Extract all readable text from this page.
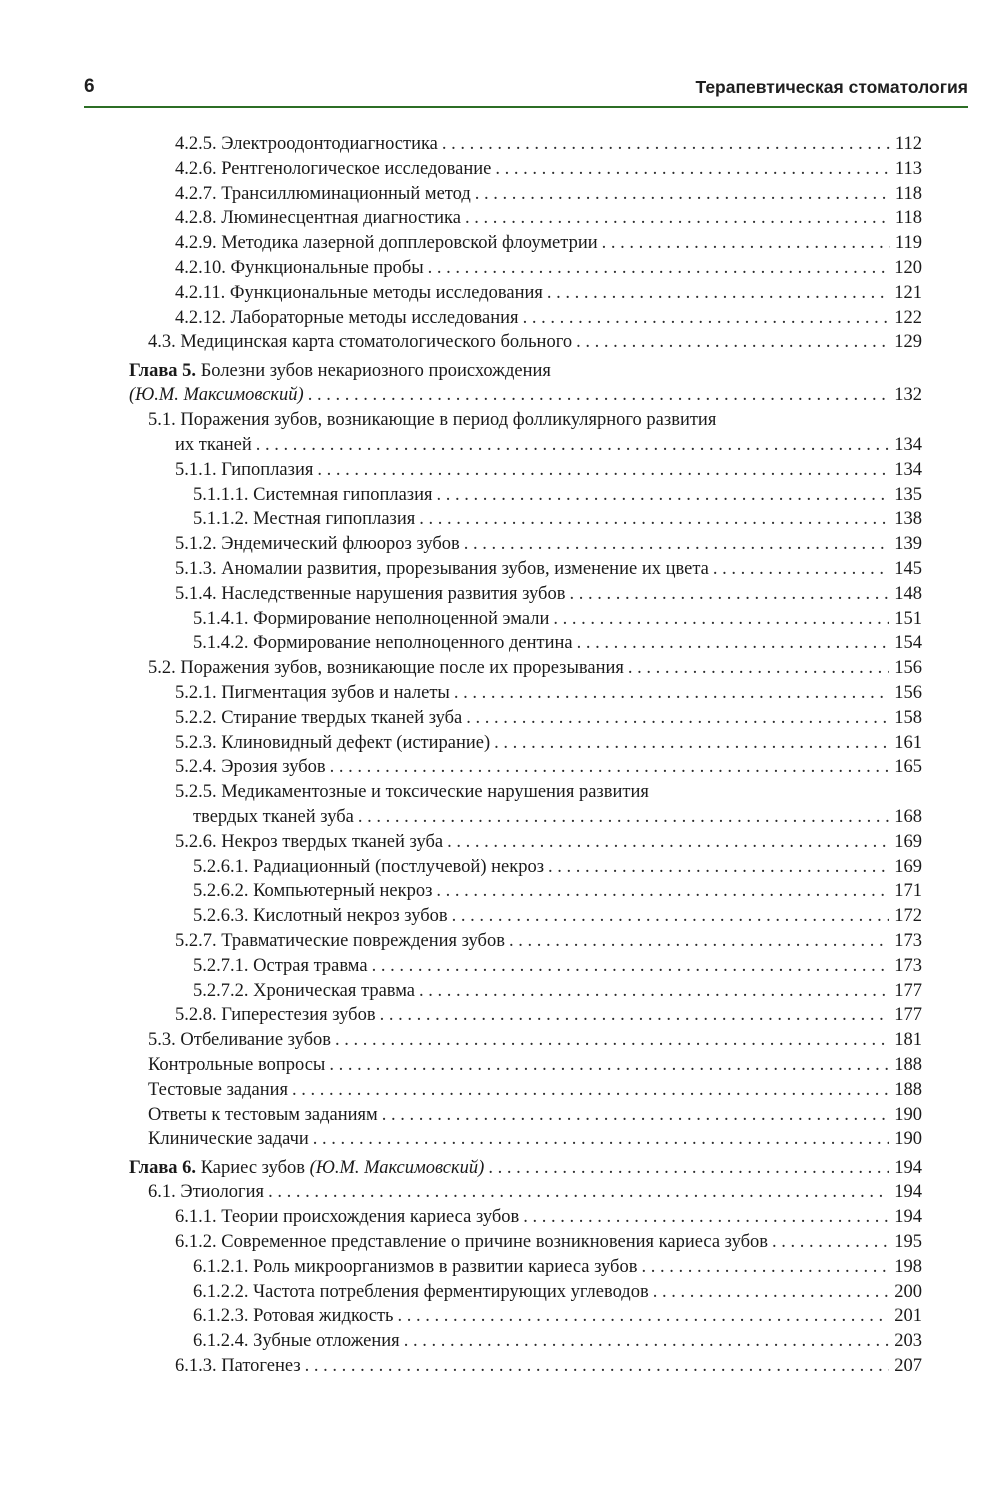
6	Терапевтическая стоматология
4.2.5. Электроодонтодиагностика . . .	112
4.2.6. Рентгенологическое исследование . . .	113
4.2.7. Трансиллюминационный метод . . .	118
4.2.8. Люминесцентная диагностика . . .	118
4.2.9. Методика лазерной допплеровской флоуметрии . . .	119
4.2.10. Функциональные пробы . . .	120
4.2.11. Функциональные методы исследования . . .	121
4.2.12. Лабораторные методы исследования . . .	122
4.3. Медицинская карта стоматологического больного . . .	129
Глава 5. Болезни зубов некариозного происхождения
(Ю.М. Максимовский) . . .	132
5.1. Поражения зубов, возникающие в период фолликулярного развития
их тканей . . .	134
5.1.1. Гипоплазия . . .	134
5.1.1.1. Системная гипоплазия . . .	135
5.1.1.2. Местная гипоплазия . . .	138
5.1.2. Эндемический флюороз зубов . . .	139
5.1.3. Аномалии развития, прорезывания зубов, изменение их цвета . . .	145
5.1.4. Наследственные нарушения развития зубов . . .	148
5.1.4.1. Формирование неполноценной эмали . . .	151
5.1.4.2. Формирование неполноценного дентина . . .	154
5.2. Поражения зубов, возникающие после их прорезывания . . .	156
5.2.1. Пигментация зубов и налеты . . .	156
5.2.2. Стирание твердых тканей зуба . . .	158
5.2.3. Клиновидный дефект (истирание) . . .	161
5.2.4. Эрозия зубов . . .	165
5.2.5. Медикаментозные и токсические нарушения развития
твердых тканей зуба . . .	168
5.2.6. Некроз твердых тканей зуба . . .	169
5.2.6.1. Радиационный (постлучевой) некроз . . .	169
5.2.6.2. Компьютерный некроз . . .	171
5.2.6.3. Кислотный некроз зубов . . .	172
5.2.7. Травматические повреждения зубов . . .	173
5.2.7.1. Острая травма . . .	173
5.2.7.2. Хроническая травма . . .	177
5.2.8. Гиперестезия зубов . . .	177
5.3. Отбеливание зубов . . .	181
Контрольные вопросы . . .	188
Тестовые задания . . .	188
Ответы к тестовым заданиям . . .	190
Клинические задачи . . .	190
Глава 6. Кариес зубов (Ю.М. Максимовский) . . .	194
6.1. Этиология . . .	194
6.1.1. Теории происхождения кариеса зубов . . .	194
6.1.2. Современное представление о причине возникновения кариеса зубов . . .	195
6.1.2.1. Роль микроорганизмов в развитии кариеса зубов . . .	198
6.1.2.2. Частота потребления ферментирующих углеводов . . .	200
6.1.2.3. Ротовая жидкость . . .	201
6.1.2.4. Зубные отложения . . .	203
6.1.3. Патогенез . . .	207
